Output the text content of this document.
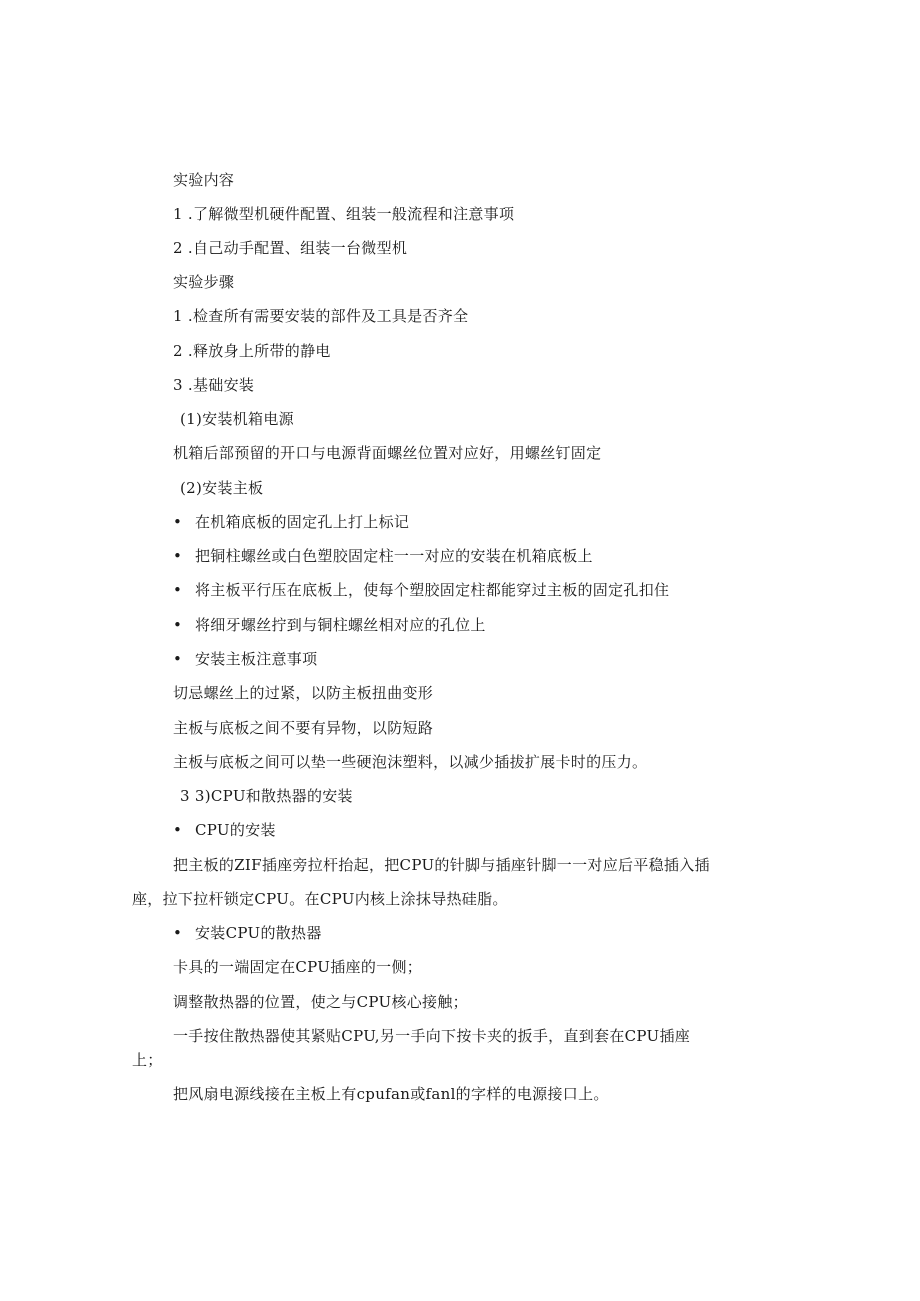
实验内容
1 .了解微型机硬件配置、组装一般流程和注意事项
2 .自己动手配置、组装一台微型机
实验步骤
1 .检查所有需要安装的部件及工具是否齐全
2 .释放身上所带的静电
3 .基础安装
(1)安装机箱电源
机箱后部预留的开口与电源背面螺丝位置对应好，用螺丝钉固定
(2)安装主板
• 在机箱底板的固定孔上打上标记
• 把铜柱螺丝或白色塑胶固定柱一一对应的安装在机箱底板上
• 将主板平行压在底板上，使每个塑胶固定柱都能穿过主板的固定孔扣住
• 将细牙螺丝拧到与铜柱螺丝相对应的孔位上
• 安装主板注意事项
切忌螺丝上的过紧，以防主板扭曲变形
主板与底板之间不要有异物，以防短路
主板与底板之间可以垫一些硬泡沫塑料，以减少插拔扩展卡时的压力。
3 3)CPU和散热器的安装
• CPU的安装
把主板的ZIF插座旁拉杆抬起，把CPU的针脚与插座针脚一一对应后平稳插入插
座，拉下拉杆锁定CPU。在CPU内核上涂抹导热硅脂。
• 安装CPU的散热器
卡具的一端固定在CPU插座的一侧；
调整散热器的位置，使之与CPU核心接触；
一手按住散热器使其紧贴CPU,另一手向下按卡夹的扳手，直到套在CPU插座
上；
把风扇电源线接在主板上有cpufan或fanl的字样的电源接口上。
